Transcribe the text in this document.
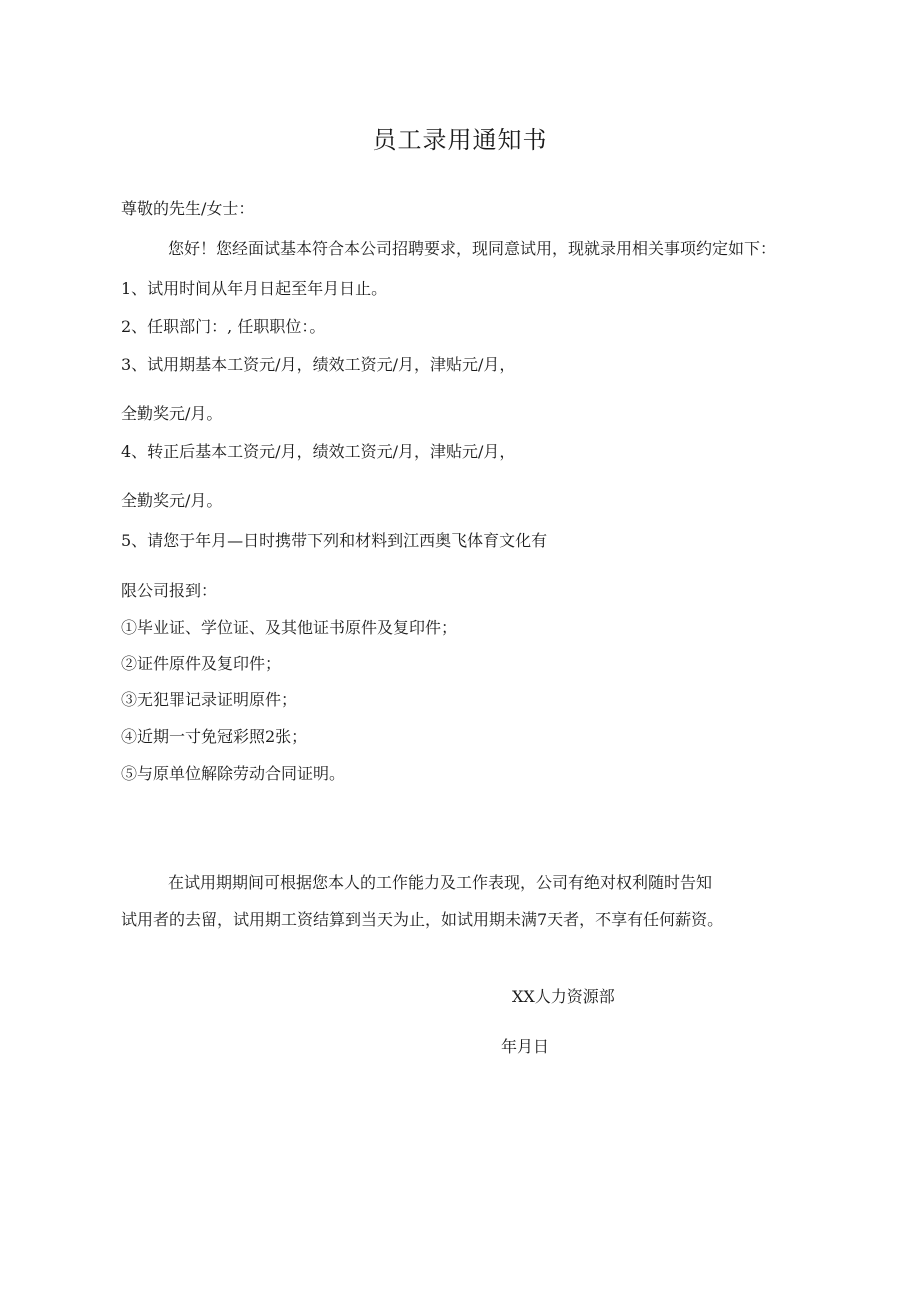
员工录用通知书
尊敬的先生/女士：
您好！您经面试基本符合本公司招聘要求，现同意试用，现就录用相关事项约定如下：
1、试用时间从年月日起至年月日止。
2、任职部门：, 任职职位：。
3、试用期基本工资元/月，绩效工资元/月，津贴元/月，
全勤奖元/月。
4、转正后基本工资元/月，绩效工资元/月，津贴元/月，
全勤奖元/月。
5、请您于年月—日时携带下列和材料到江西奥飞体育文化有
限公司报到：
①毕业证、学位证、及其他证书原件及复印件；
②证件原件及复印件；
③无犯罪记录证明原件；
④近期一寸免冠彩照2张；
⑤与原单位解除劳动合同证明。
在试用期期间可根据您本人的工作能力及工作表现，公司有绝对权利随时告知
试用者的去留，试用期工资结算到当天为止，如试用期未满7天者，不享有任何薪资。
XX人力资源部
年月日
